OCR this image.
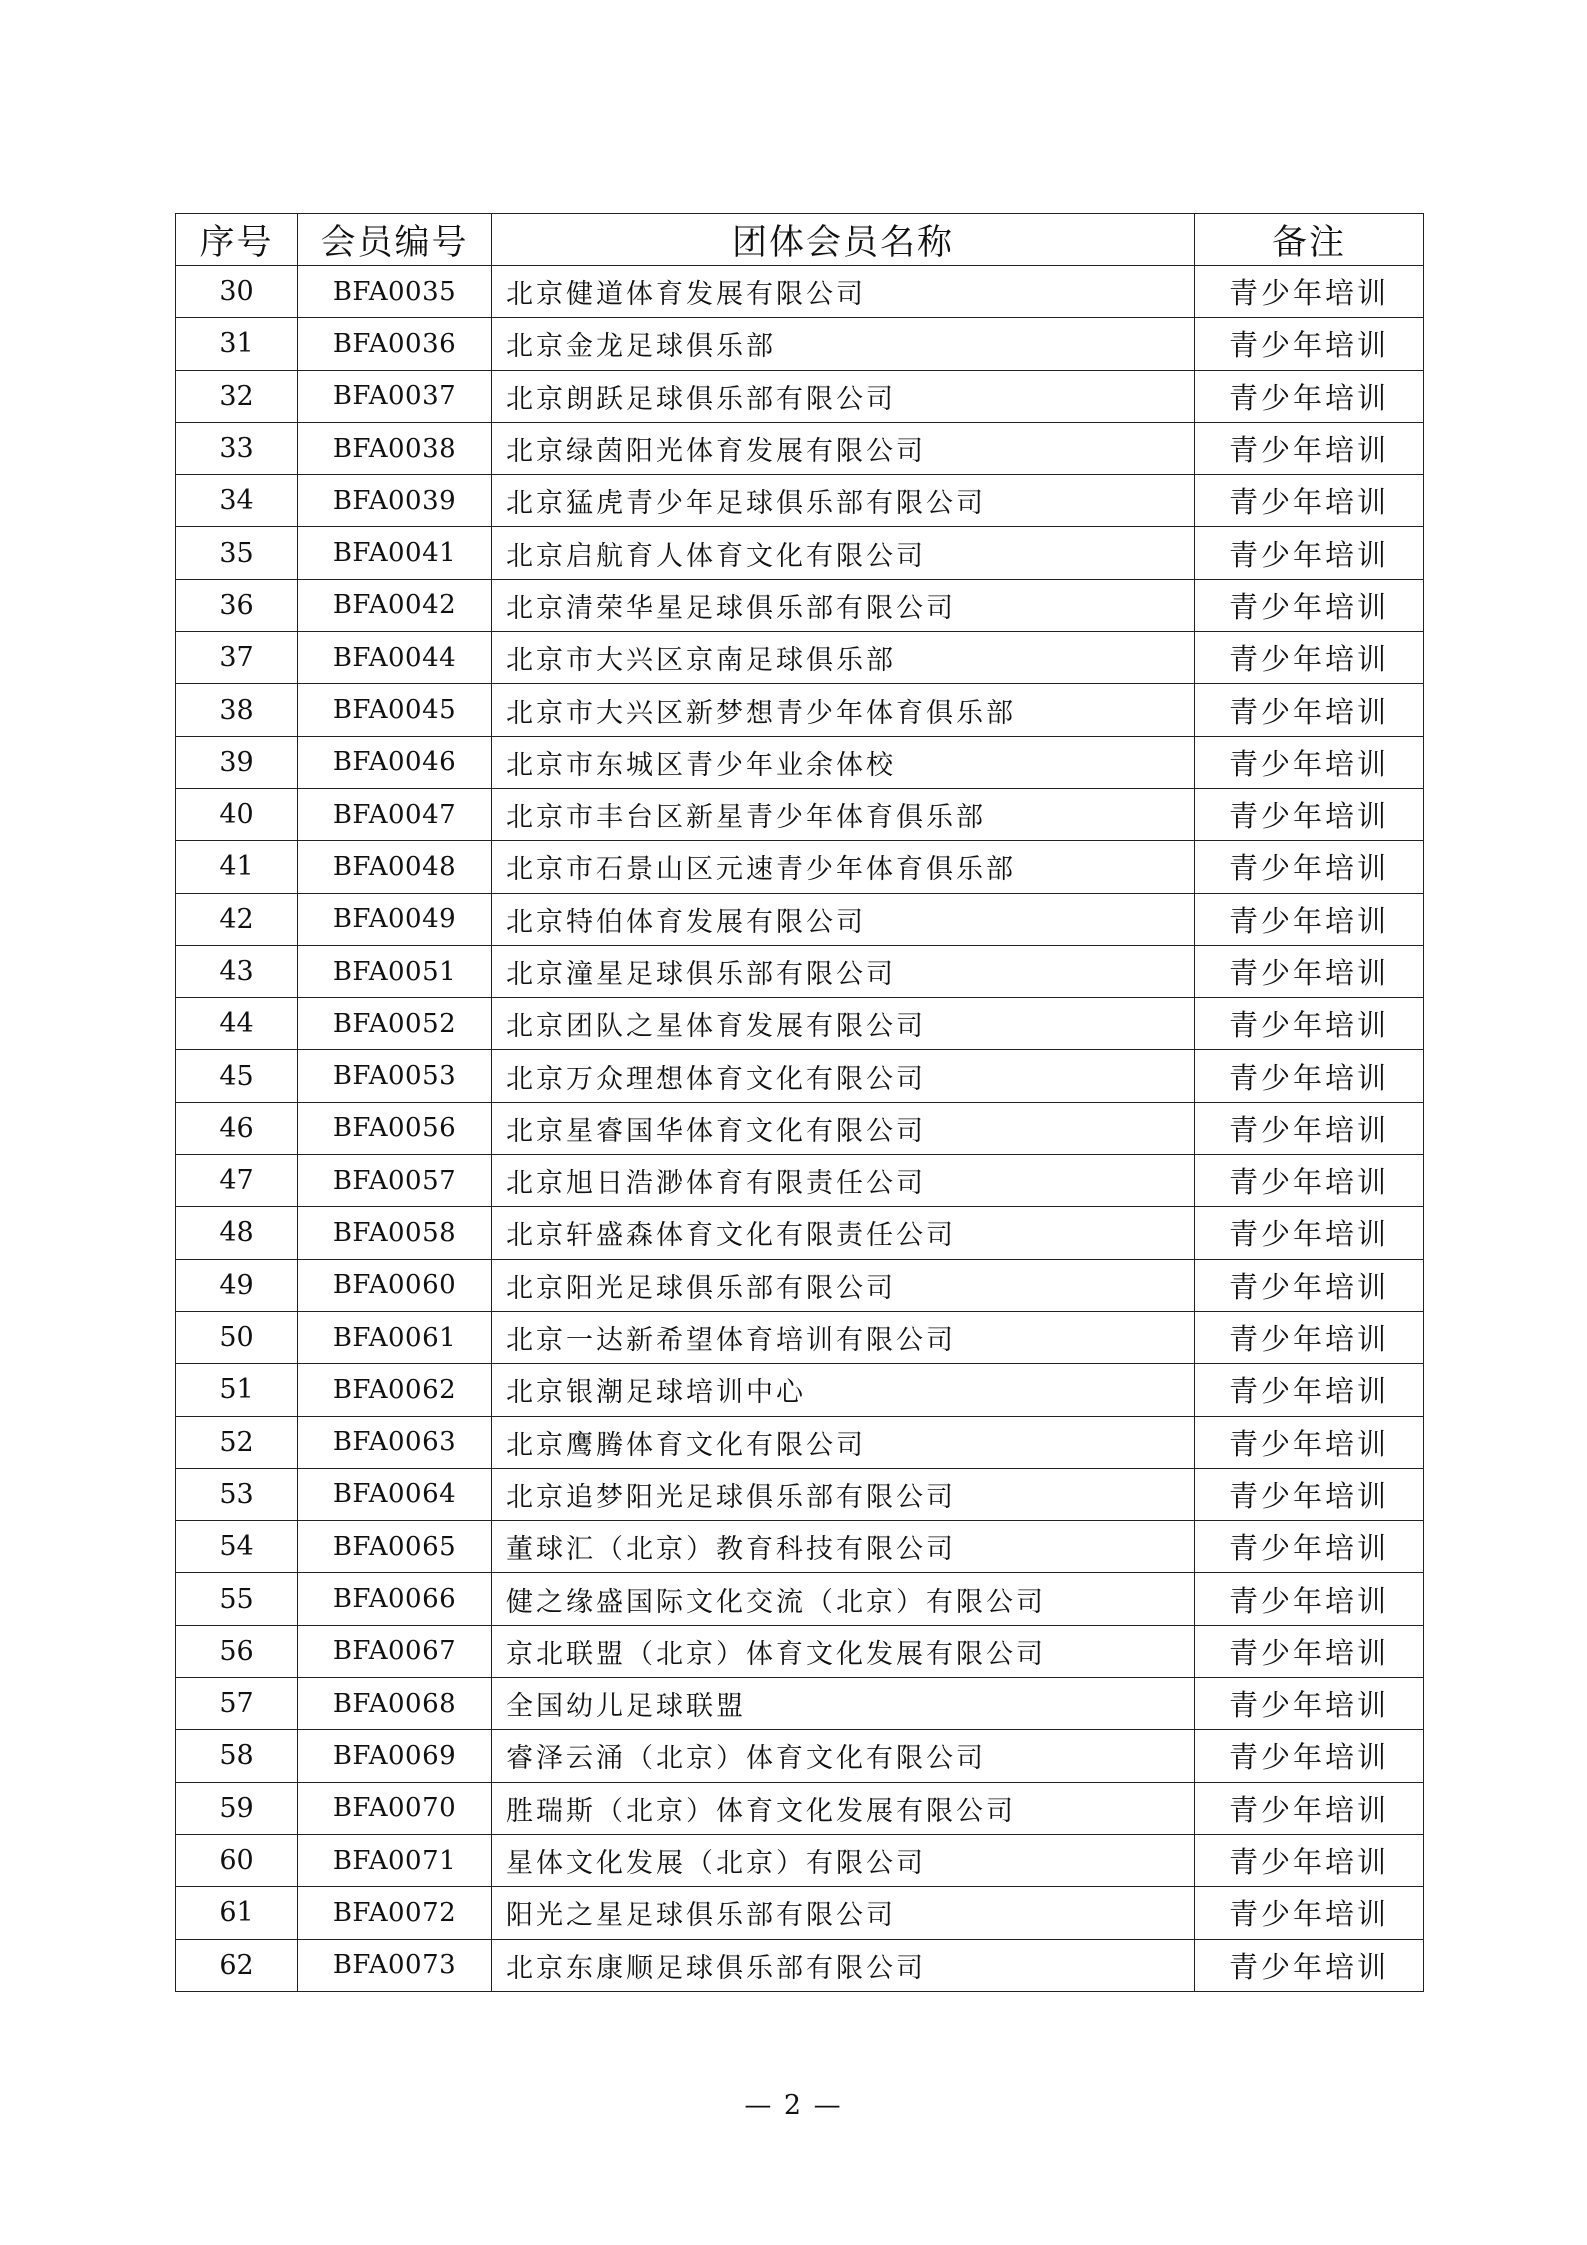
序号	会员编号	团体会员名称	备注
30	BFA0035	北京健道体育发展有限公司	青少年培训
31	BFA0036	北京金龙足球俱乐部	青少年培训
32	BFA0037	北京朗跃足球俱乐部有限公司	青少年培训
33	BFA0038	北京绿茵阳光体育发展有限公司	青少年培训
34	BFA0039	北京猛虎青少年足球俱乐部有限公司	青少年培训
35	BFA0041	北京启航育人体育文化有限公司	青少年培训
36	BFA0042	北京清荣华星足球俱乐部有限公司	青少年培训
37	BFA0044	北京市大兴区京南足球俱乐部	青少年培训
38	BFA0045	北京市大兴区新梦想青少年体育俱乐部	青少年培训
39	BFA0046	北京市东城区青少年业余体校	青少年培训
40	BFA0047	北京市丰台区新星青少年体育俱乐部	青少年培训
41	BFA0048	北京市石景山区元速青少年体育俱乐部	青少年培训
42	BFA0049	北京特伯体育发展有限公司	青少年培训
43	BFA0051	北京潼星足球俱乐部有限公司	青少年培训
44	BFA0052	北京团队之星体育发展有限公司	青少年培训
45	BFA0053	北京万众理想体育文化有限公司	青少年培训
46	BFA0056	北京星睿国华体育文化有限公司	青少年培训
47	BFA0057	北京旭日浩渺体育有限责任公司	青少年培训
48	BFA0058	北京轩盛森体育文化有限责任公司	青少年培训
49	BFA0060	北京阳光足球俱乐部有限公司	青少年培训
50	BFA0061	北京一达新希望体育培训有限公司	青少年培训
51	BFA0062	北京银潮足球培训中心	青少年培训
52	BFA0063	北京鹰腾体育文化有限公司	青少年培训
53	BFA0064	北京追梦阳光足球俱乐部有限公司	青少年培训
54	BFA0065	董球汇（北京）教育科技有限公司	青少年培训
55	BFA0066	健之缘盛国际文化交流（北京）有限公司	青少年培训
56	BFA0067	京北联盟（北京）体育文化发展有限公司	青少年培训
57	BFA0068	全国幼儿足球联盟	青少年培训
58	BFA0069	睿泽云涌（北京）体育文化有限公司	青少年培训
59	BFA0070	胜瑞斯（北京）体育文化发展有限公司	青少年培训
60	BFA0071	星体文化发展（北京）有限公司	青少年培训
61	BFA0072	阳光之星足球俱乐部有限公司	青少年培训
62	BFA0073	北京东康顺足球俱乐部有限公司	青少年培训
— 2 —
